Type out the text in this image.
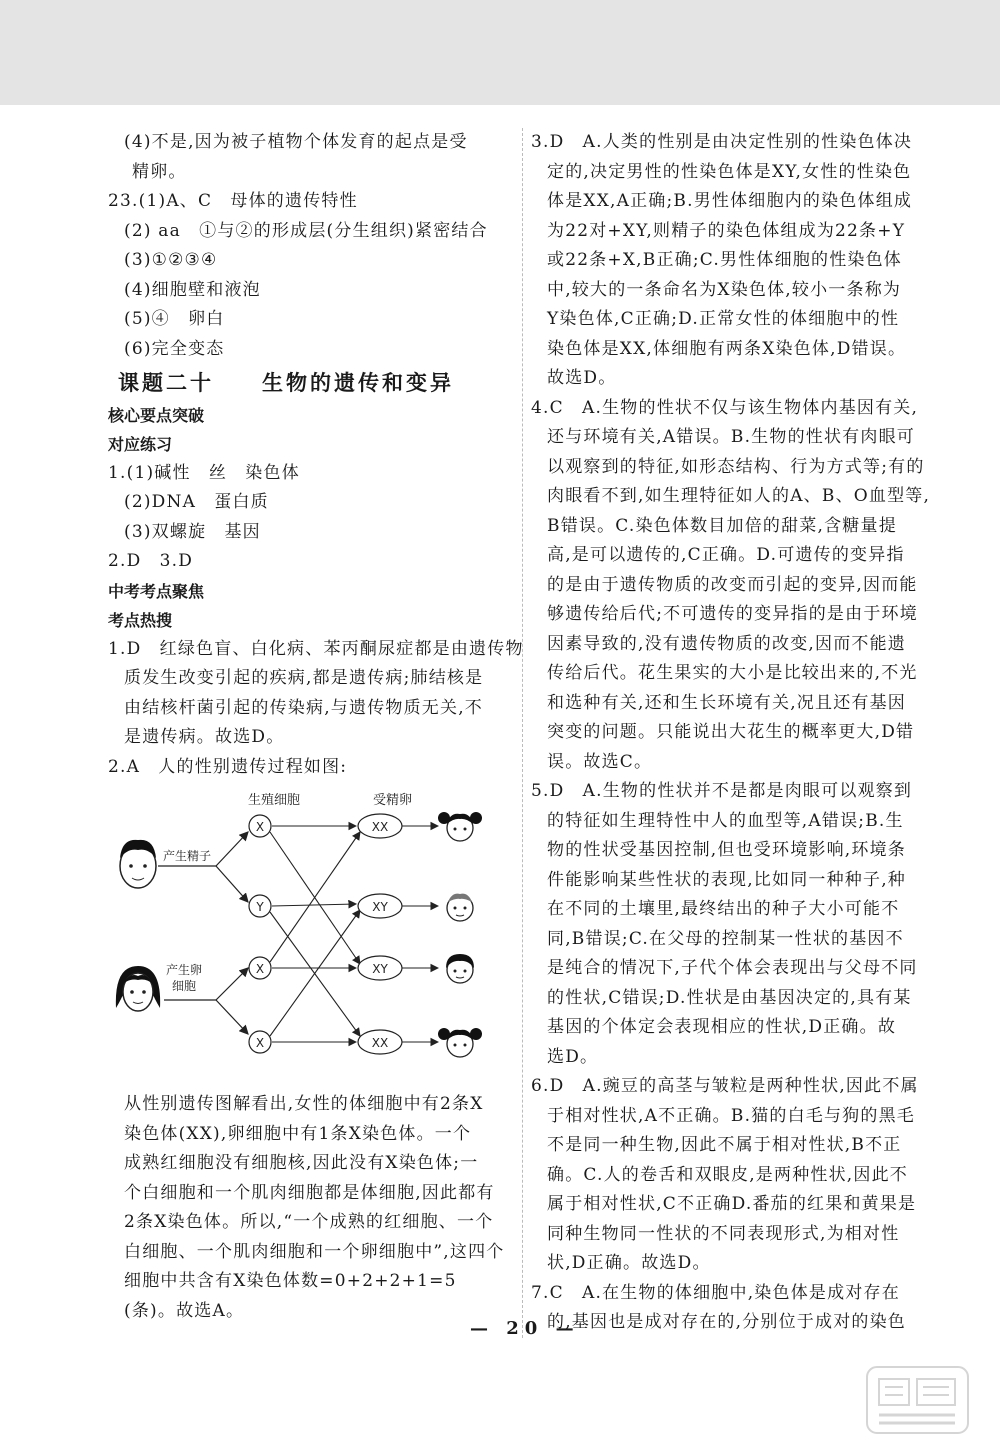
(4)不是,因为被子植物个体发育的起点是受
精卵。
23.(1)A、C　母体的遗传特性
(2) aa　①与②的形成层(分生组织)紧密结合
(3)①②③④
(4)细胞壁和液泡
(5)④　卵白
(6)完全变态
课题二十　　生物的遗传和变异
核心要点突破
对应练习
1.(1)碱性　丝　染色体
(2)DNA　蛋白质
(3)双螺旋　基因
2.D　3.D
中考考点聚焦
考点热搜
1.D　红绿色盲、白化病、苯丙酮尿症都是由遗传物
质发生改变引起的疾病,都是遗传病;肺结核是
由结核杆菌引起的传染病,与遗传物质无关,不
是遗传病。故选D。
2.A　人的性别遗传过程如图:
生殖细胞	受精卵
产生精子
产生卵
细胞
X
Y
X
X
XX
XY
XY
XX
从性别遗传图解看出,女性的体细胞中有2条X
染色体(XX),卵细胞中有1条X染色体。一个
成熟红细胞没有细胞核,因此没有X染色体;一
个白细胞和一个肌肉细胞都是体细胞,因此都有
2条X染色体。所以,“一个成熟的红细胞、一个
白细胞、一个肌肉细胞和一个卵细胞中”,这四个
细胞中共含有X染色体数=0+2+2+1=5
(条)。故选A。
3.D　A.人类的性别是由决定性别的性染色体决
定的,决定男性的性染色体是XY,女性的性染色
体是XX,A正确;B.男性体细胞内的染色体组成
为22对+XY,则精子的染色体组成为22条+Y
或22条+X,B正确;C.男性体细胞的性染色体
中,较大的一条命名为X染色体,较小一条称为
Y染色体,C正确;D.正常女性的体细胞中的性
染色体是XX,体细胞有两条X染色体,D错误。
故选D。
4.C　A.生物的性状不仅与该生物体内基因有关,
还与环境有关,A错误。B.生物的性状有肉眼可
以观察到的特征,如形态结构、行为方式等;有的
肉眼看不到,如生理特征如人的A、B、O血型等,
B错误。C.染色体数目加倍的甜菜,含糖量提
高,是可以遗传的,C正确。D.可遗传的变异指
的是由于遗传物质的改变而引起的变异,因而能
够遗传给后代;不可遗传的变异指的是由于环境
因素导致的,没有遗传物质的改变,因而不能遗
传给后代。花生果实的大小是比较出来的,不光
和选种有关,还和生长环境有关,况且还有基因
突变的问题。只能说出大花生的概率更大,D错
误。故选C。
5.D　A.生物的性状并不是都是肉眼可以观察到
的特征如生理特性中人的血型等,A错误;B.生
物的性状受基因控制,但也受环境影响,环境条
件能影响某些性状的表现,比如同一种种子,种
在不同的土壤里,最终结出的种子大小可能不
同,B错误;C.在父母的控制某一性状的基因不
是纯合的情况下,子代个体会表现出与父母不同
的性状,C错误;D.性状是由基因决定的,具有某
基因的个体定会表现相应的性状,D正确。故
选D。
6.D　A.豌豆的高茎与皱粒是两种性状,因此不属
于相对性状,A不正确。B.猫的白毛与狗的黑毛
不是同一种生物,因此不属于相对性状,B不正
确。C.人的卷舌和双眼皮,是两种性状,因此不
属于相对性状,C不正确D.番茄的红果和黄果是
同种生物同一性状的不同表现形式,为相对性
状,D正确。故选D。
7.C　A.在生物的体细胞中,染色体是成对存在
的,基因也是成对存在的,分别位于成对的染色
— 20 —
